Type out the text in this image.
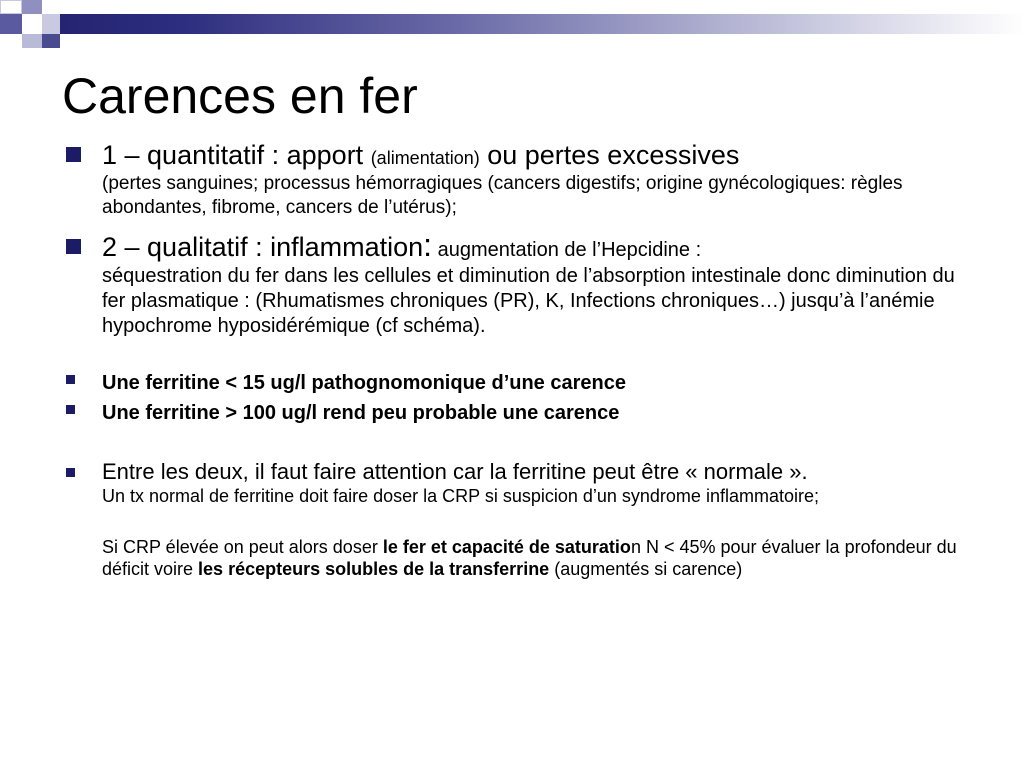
Carences en fer
1 – quantitatif : apport (alimentation) ou pertes excessives
(pertes sanguines; processus hémorragiques (cancers digestifs; origine gynécologiques: règles abondantes, fibrome, cancers de l’utérus);
2 – qualitatif : inflammation: augmentation de l’Hepcidine :
séquestration du fer dans les cellules et diminution de l’absorption intestinale donc diminution du fer plasmatique : (Rhumatismes chroniques (PR), K, Infections chroniques…) jusqu’à l’anémie hypochrome hyposidérémique (cf schéma).
Une ferritine < 15 ug/l pathognomonique d’une carence
Une ferritine > 100 ug/l rend peu probable une carence
Entre les deux, il faut faire attention car la ferritine peut être « normale ».
Un tx normal de ferritine doit faire doser la CRP si suspicion d’un syndrome inflammatoire;
Si CRP élevée on peut alors doser le fer et capacité de saturation N < 45% pour évaluer la profondeur du déficit voire les récepteurs solubles de la transferrine (augmentés si carence)
